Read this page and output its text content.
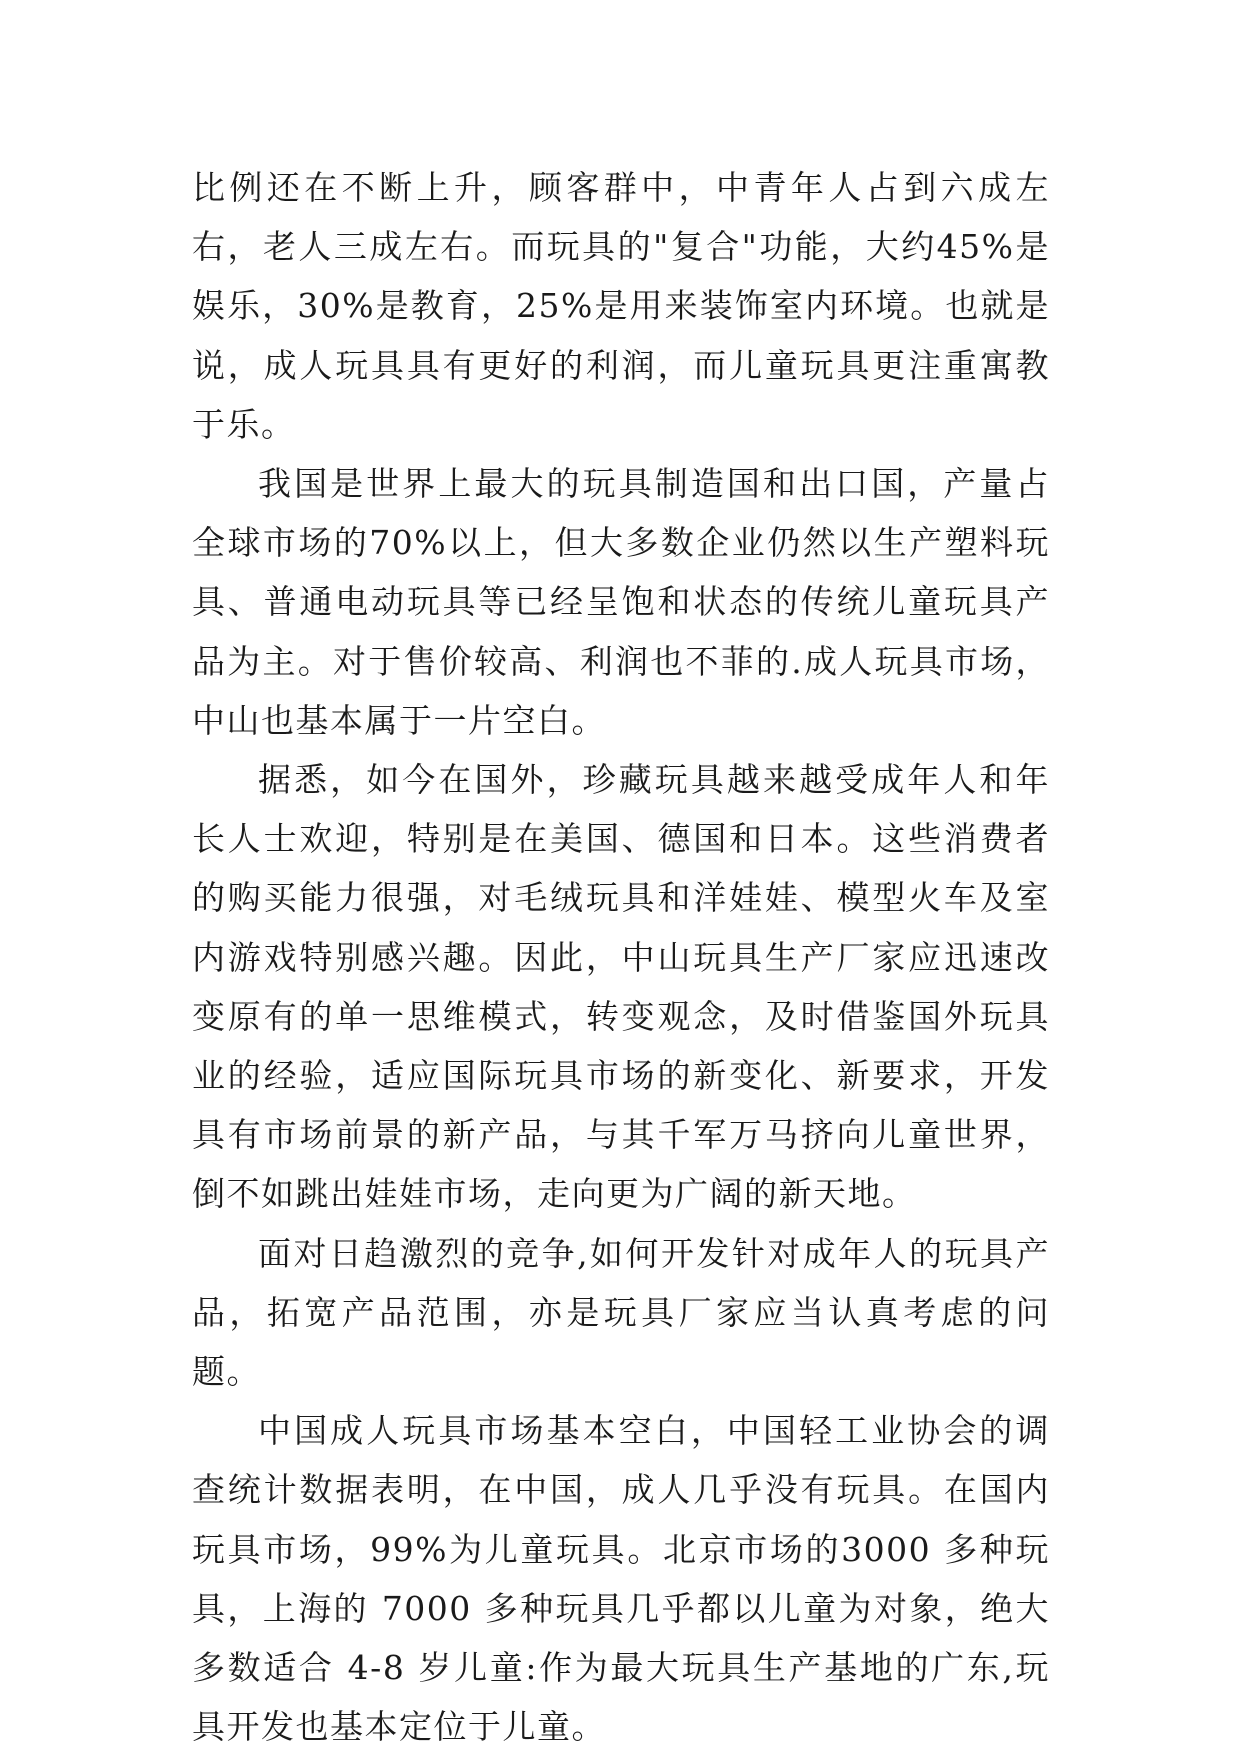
比例还在不断上升，顾客群中，中青年人占到六成左右，老人三成左右。而玩具的"复合"功能，大约45%是娱乐，30%是教育，25%是用来装饰室内环境。也就是说，成人玩具具有更好的利润，而儿童玩具更注重寓教于乐。

我国是世界上最大的玩具制造国和出口国，产量占全球市场的70%以上，但大多数企业仍然以生产塑料玩具、普通电动玩具等已经呈饱和状态的传统儿童玩具产品为主。对于售价较高、利润也不菲的.成人玩具市场，中山也基本属于一片空白。

据悉，如今在国外，珍藏玩具越来越受成年人和年长人士欢迎，特别是在美国、德国和日本。这些消费者的购买能力很强，对毛绒玩具和洋娃娃、模型火车及室内游戏特别感兴趣。因此，中山玩具生产厂家应迅速改变原有的单一思维模式，转变观念，及时借鉴国外玩具业的经验，适应国际玩具市场的新变化、新要求，开发具有市场前景的新产品，与其千军万马挤向儿童世界，倒不如跳出娃娃市场，走向更为广阔的新天地。

面对日趋激烈的竞争,如何开发针对成年人的玩具产品，拓宽产品范围，亦是玩具厂家应当认真考虑的问题。

中国成人玩具市场基本空白，中国轻工业协会的调查统计数据表明，在中国，成人几乎没有玩具。在国内玩具市场，99%为儿童玩具。北京市场的3000 多种玩具，上海的 7000 多种玩具几乎都以儿童为对象，绝大多数适合 4-8 岁儿童:作为最大玩具生产基地的广东,玩具开发也基本定位于儿童。
